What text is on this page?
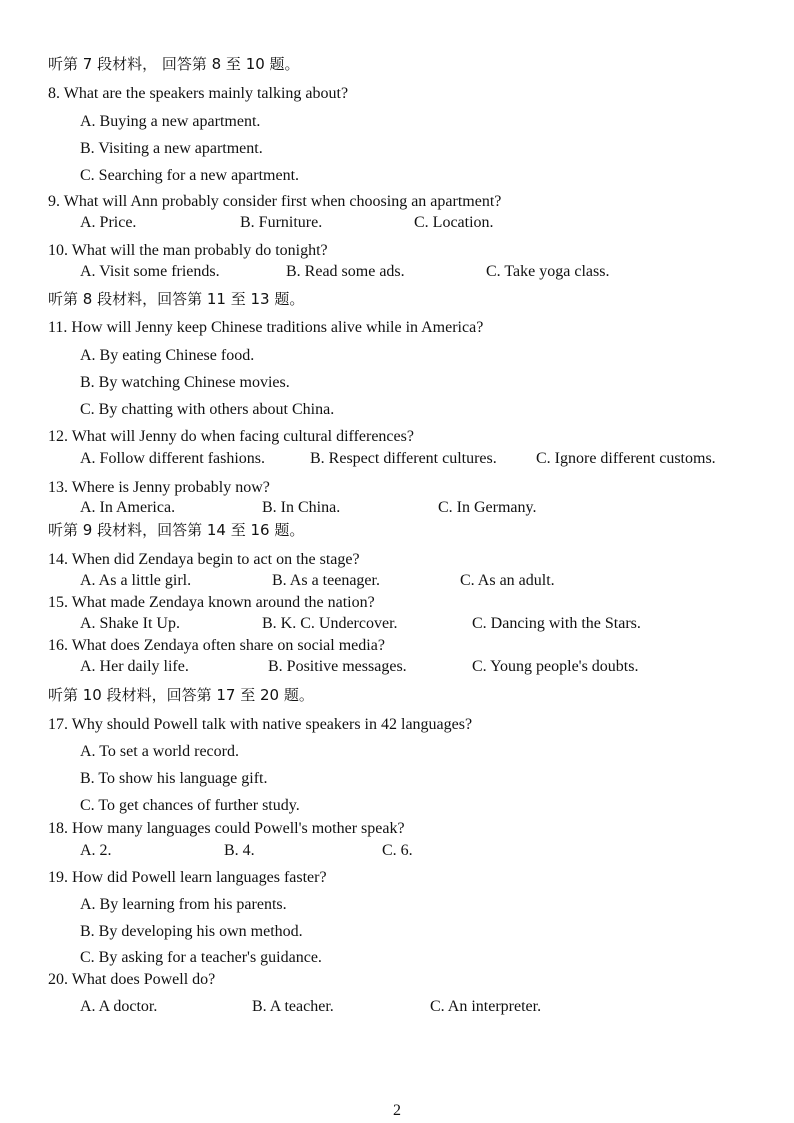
听第 7 段材料， 回答第 8 至 10 题。
8. What are the speakers mainly talking about?
A. Buying a new apartment.
B. Visiting a new apartment.
C. Searching for a new apartment.
9. What will Ann probably consider first when choosing an apartment?
A. Price.	B. Furniture.	C. Location.
10. What will the man probably do tonight?
A. Visit some friends.	B. Read some ads.	C. Take yoga class.
听第 8 段材料，回答第 11 至 13 题。
11. How will Jenny keep Chinese traditions alive while in America?
A. By eating Chinese food.
B. By watching Chinese movies.
C. By chatting with others about China.
12. What will Jenny do when facing cultural differences?
A. Follow different fashions.	B. Respect different cultures. C. Ignore different customs.
13. Where is Jenny probably now?
A. In America.	B. In China.	C. In Germany.
听第 9 段材料，回答第 14 至 16 题。
14. When did Zendaya begin to act on the stage?
A. As a little girl.	B. As a teenager.	C. As an adult.
15. What made Zendaya known around the nation?
A. Shake It Up.	B. K. C. Undercover.	C. Dancing with the Stars.
16. What does Zendaya often share on social media?
A. Her daily life.	B. Positive messages.	C. Young people's doubts.
听第 10 段材料，回答第 17 至 20 题。
17. Why should Powell talk with native speakers in 42 languages?
A. To set a world record.
B. To show his language gift.
C. To get chances of further study.
18. How many languages could Powell's mother speak?
A. 2.	B. 4.	C. 6.
19. How did Powell learn languages faster?
A. By learning from his parents.
B. By developing his own method.
C. By asking for a teacher's guidance.
20. What does Powell do?
A. A doctor.	B. A teacher.	C. An interpreter.
2
